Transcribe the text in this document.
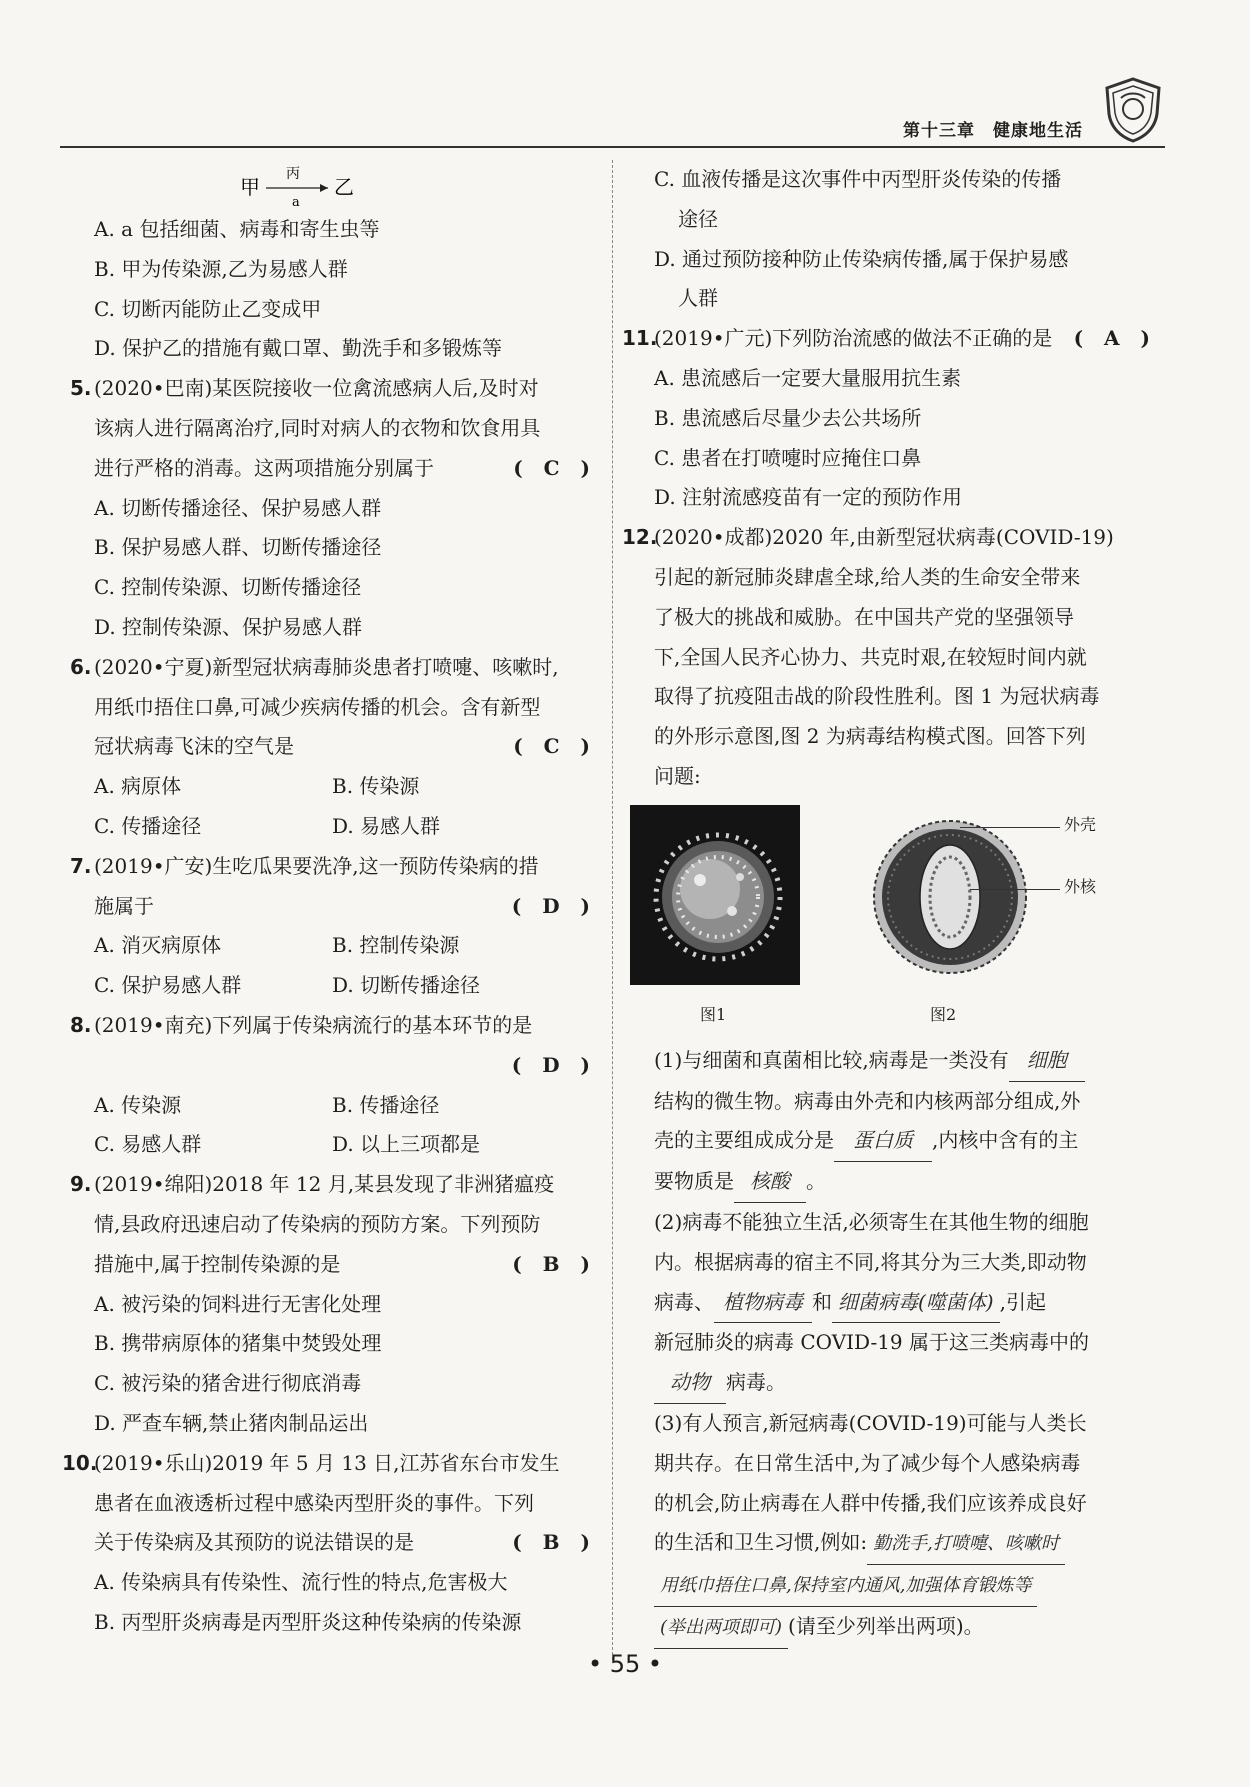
第十三章 健康地生活
甲
丙
a
乙
A. a 包括细菌、病毒和寄生虫等
B. 甲为传染源,乙为易感人群
C. 切断丙能防止乙变成甲
D. 保护乙的措施有戴口罩、勤洗手和多锻炼等
5. (2020•巴南)某医院接收一位禽流感病人后,及时对
该病人进行隔离治疗,同时对病人的衣物和饮食用具
进行严格的消毒。这两项措施分别属于	( C )
A. 切断传播途径、保护易感人群
B. 保护易感人群、切断传播途径
C. 控制传染源、切断传播途径
D. 控制传染源、保护易感人群
6. (2020•宁夏)新型冠状病毒肺炎患者打喷嚏、咳嗽时,
用纸巾捂住口鼻,可减少疾病传播的机会。含有新型
冠状病毒飞沫的空气是	( C )
A. 病原体	B. 传染源
C. 传播途径	D. 易感人群
7. (2019•广安)生吃瓜果要洗净,这一预防传染病的措
施属于	( D )
A. 消灭病原体	B. 控制传染源
C. 保护易感人群	D. 切断传播途径
8. (2019•南充)下列属于传染病流行的基本环节的是
( D )

A. 传染源	B. 传播途径
C. 易感人群	D. 以上三项都是
9. (2019•绵阳)2018 年 12 月,某县发现了非洲猪瘟疫
情,县政府迅速启动了传染病的预防方案。下列预防
措施中,属于控制传染源的是	( B )
A. 被污染的饲料进行无害化处理
B. 携带病原体的猪集中焚毁处理
C. 被污染的猪舍进行彻底消毒
D. 严查车辆,禁止猪肉制品运出
10.
(2019•乐山)2019 年 5 月 13 日,江苏省东台市发生
患者在血液透析过程中感染丙型肝炎的事件。下列
关于传染病及其预防的说法错误的是	( B )
A. 传染病具有传染性、流行性的特点,危害极大
B. 丙型肝炎病毒是丙型肝炎这种传染病的传染源
C. 血液传播是这次事件中丙型肝炎传染的传播
途径
D. 通过预防接种防止传染病传播,属于保护易感
人群
11.
(2019•广元)下列防治流感的做法不正确的是 ( A )
A. 患流感后一定要大量服用抗生素
B. 患流感后尽量少去公共场所
C. 患者在打喷嚏时应掩住口鼻
D. 注射流感疫苗有一定的预防作用
12.
(2020•成都)2020 年,由新型冠状病毒(COVID-19)
引起的新冠肺炎肆虐全球,给人类的生命安全带来
了极大的挑战和威胁。在中国共产党的坚强领导
下,全国人民齐心协力、共克时艰,在较短时间内就
取得了抗疫阻击战的阶段性胜利。图 1 为冠状病毒
的外形示意图,图 2 为病毒结构模式图。回答下列
问题:
外壳
外核
图1	图2
(1)与细菌和真菌相比较,病毒是一类没有 细胞
结构的微生物。病毒由外壳和内核两部分组成,外
壳的主要组成成分是 蛋白质 ,内核中含有的主
要物质是 核酸 。
(2)病毒不能独立生活,必须寄生在其他生物的细胞
内。根据病毒的宿主不同,将其分为三大类,即动物
病毒、 植物病毒 和 细菌病毒(噬菌体) ,引起
新冠肺炎的病毒 COVID-19 属于这三类病毒中的
动物 病毒。
(3)有人预言,新冠病毒(COVID-19)可能与人类长
期共存。在日常生活中,为了减少每个人感染病毒
的机会,防止病毒在人群中传播,我们应该养成良好
的生活和卫生习惯,例如: 勤洗手,打喷嚏、咳嗽时
用纸巾捂住口鼻,保持室内通风,加强体育锻炼等
(举出两项即可) (请至少列举出两项)。
• 55 •
